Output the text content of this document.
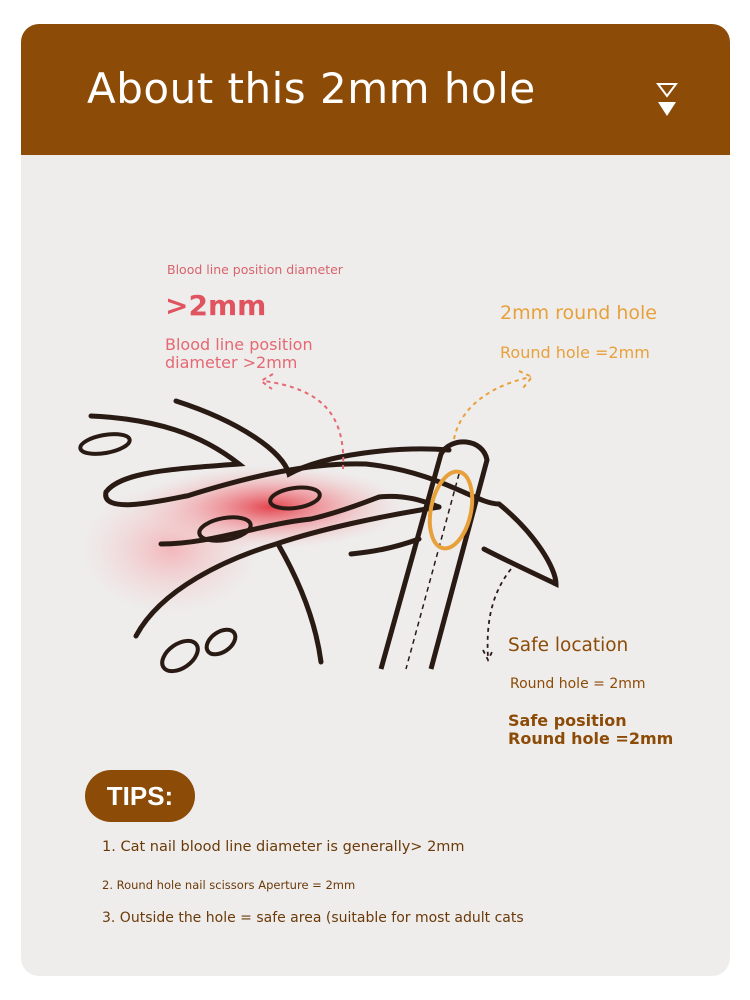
About this 2mm hole

Blood line position diameter

>2mm

Blood line position

diameter >2mm

2mm round hole

Round hole =2mm

Safe location

Round hole = 2mm

Safe position

Round hole =2mm

TIPS:

1. Cat nail blood line diameter is generally> 2mm

2. Round hole nail scissors Aperture = 2mm

3. Outside the hole = safe area (suitable for most adult cats
